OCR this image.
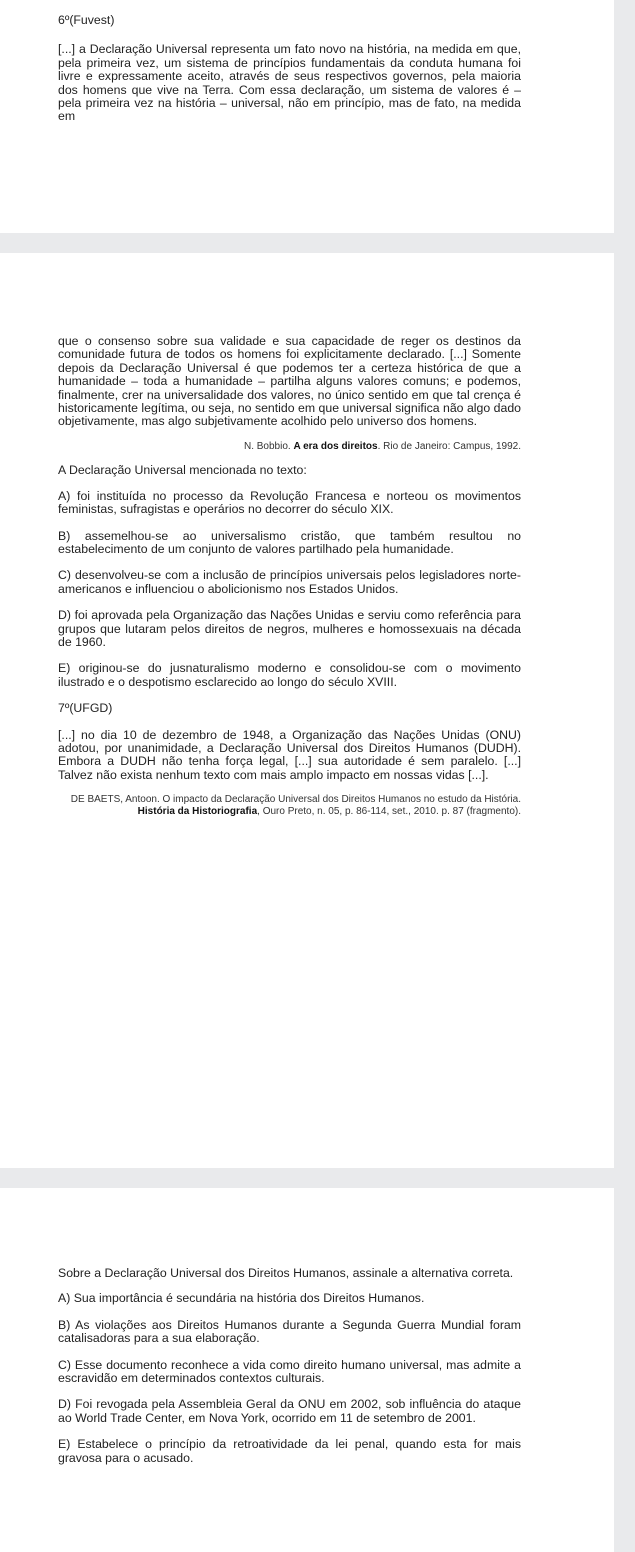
6º(Fuvest)

[...] a Declaração Universal representa um fato novo na história, na medida em que, pela primeira vez, um sistema de princípios fundamentais da conduta humana foi livre e expressamente aceito, através de seus respectivos governos, pela maioria dos homens que vive na Terra. Com essa declaração, um sistema de valores é – pela primeira vez na história – universal, não em princípio, mas de fato, na medida em

que o consenso sobre sua validade e sua capacidade de reger os destinos da comunidade futura de todos os homens foi explicitamente declarado. [...] Somente depois da Declaração Universal é que podemos ter a certeza histórica de que a humanidade – toda a humanidade – partilha alguns valores comuns; e podemos, finalmente, crer na universalidade dos valores, no único sentido em que tal crença é historicamente legítima, ou seja, no sentido em que universal significa não algo dado objetivamente, mas algo subjetivamente acolhido pelo universo dos homens.

N. Bobbio. A era dos direitos. Rio de Janeiro: Campus, 1992.

A Declaração Universal mencionada no texto:

A) foi instituída no processo da Revolução Francesa e norteou os movimentos feministas, sufragistas e operários no decorrer do século XIX.

B) assemelhou-se ao universalismo cristão, que também resultou no estabelecimento de um conjunto de valores partilhado pela humanidade.

C) desenvolveu-se com a inclusão de princípios universais pelos legisladores norte-americanos e influenciou o abolicionismo nos Estados Unidos.

D) foi aprovada pela Organização das Nações Unidas e serviu como referência para grupos que lutaram pelos direitos de negros, mulheres e homossexuais na década de 1960.

E) originou-se do jusnaturalismo moderno e consolidou-se com o movimento ilustrado e o despotismo esclarecido ao longo do século XVIII.

7º(UFGD)

[...] no dia 10 de dezembro de 1948, a Organização das Nações Unidas (ONU) adotou, por unanimidade, a Declaração Universal dos Direitos Humanos (DUDH). Embora a DUDH não tenha força legal, [...] sua autoridade é sem paralelo. [...] Talvez não exista nenhum texto com mais amplo impacto em nossas vidas [...].

DE BAETS, Antoon. O impacto da Declaração Universal dos Direitos Humanos no estudo da História. História da Historiografia, Ouro Preto, n. 05, p. 86-114, set., 2010. p. 87 (fragmento).

Sobre a Declaração Universal dos Direitos Humanos, assinale a alternativa correta.

A) Sua importância é secundária na história dos Direitos Humanos.

B) As violações aos Direitos Humanos durante a Segunda Guerra Mundial foram catalisadoras para a sua elaboração.

C) Esse documento reconhece a vida como direito humano universal, mas admite a escravidão em determinados contextos culturais.

D) Foi revogada pela Assembleia Geral da ONU em 2002, sob influência do ataque ao World Trade Center, em Nova York, ocorrido em 11 de setembro de 2001.

E) Estabelece o princípio da retroatividade da lei penal, quando esta for mais gravosa para o acusado.
